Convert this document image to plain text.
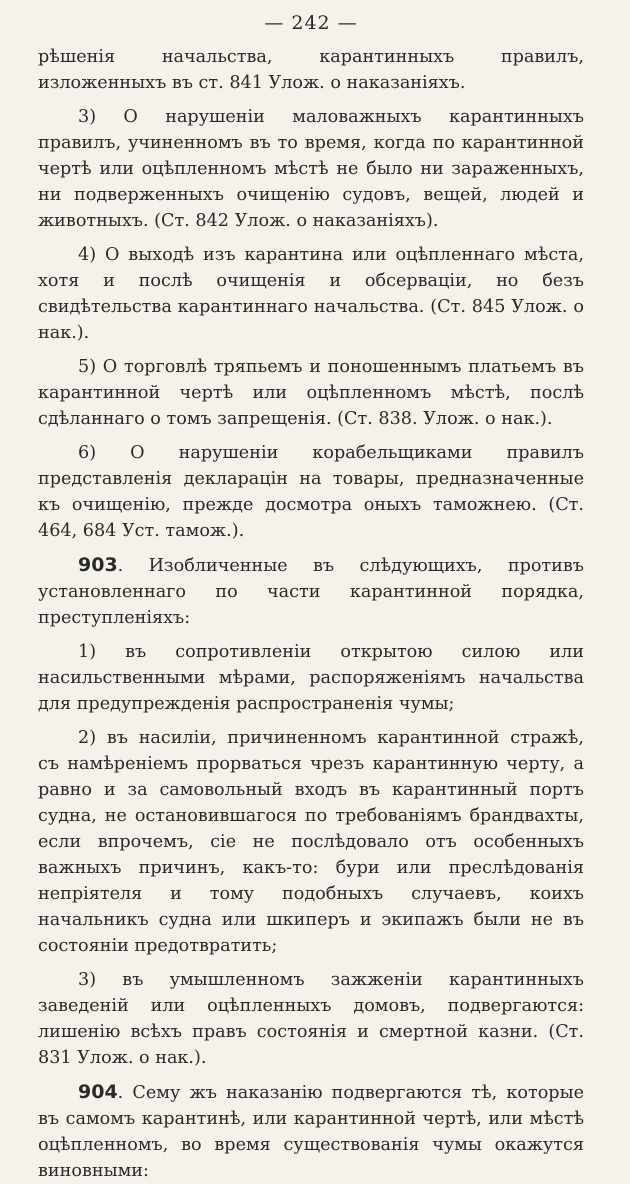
— 242 —

рѣшенія начальства, карантинныхъ правилъ, изложенныхъ въ ст. 841 Улож. о наказаніяхъ.

3) О нарушеніи маловажныхъ карантинныхъ правилъ, учиненномъ въ то время, когда по карантинной чертѣ или оцѣпленномъ мѣстѣ не было ни зараженныхъ, ни подверженныхъ очищенію судовъ, вещей, людей и животныхъ. (Ст. 842 Улож. о наказаніяхъ).

4) О выходѣ изъ карантина или оцѣпленнаго мѣста, хотя и послѣ очищенія и обсерваціи, но безъ свидѣтельства карантиннаго начальства. (Ст. 845 Улож. о нак.).

5) О торговлѣ тряпьемъ и поношеннымъ платьемъ въ карантинной чертѣ или оцѣпленномъ мѣстѣ, послѣ сдѣланнаго о томъ запрещенія. (Ст. 838. Улож. о нак.).

6) О нарушеніи корабельщиками правилъ представленія декларацін на товары, предназначенные къ очищенію, прежде досмотра оныхъ таможнею. (Ст. 464, 684 Уст. тамож.).

903. Изобличенные въ слѣдующихъ, противъ установленнаго по части карантинной порядка, преступленіяхъ:

1) въ сопротивленіи открытою силою или насильственными мѣрами, распоряженіямъ начальства для предупрежденія распространенія чумы;

2) въ насиліи, причиненномъ карантинной стражѣ, съ намѣреніемъ прорваться чрезъ карантинную черту, а равно и за самовольный входъ въ карантинный портъ судна, не остановившагося по требованіямъ брандвахты, если впрочемъ, сіе не послѣдовало отъ особенныхъ важныхъ причинъ, какъ-то: бури или преслѣдованія непріятеля и тому подобныхъ случаевъ, коихъ начальникъ судна или шкиперъ и экипажъ были не въ состояніи предотвратить;

3) въ умышленномъ зажженіи карантинныхъ заведеній или оцѣпленныхъ домовъ, подвергаются: лишенію всѣхъ правъ состоянія и смертной казни. (Ст. 831 Улож. о нак.).

904. Сему жъ наказанію подвергаются тѣ, которые въ самомъ карантинѣ, или карантинной чертѣ, или мѣстѣ оцѣпленномъ, во время существованія чумы окажутся виновными:
